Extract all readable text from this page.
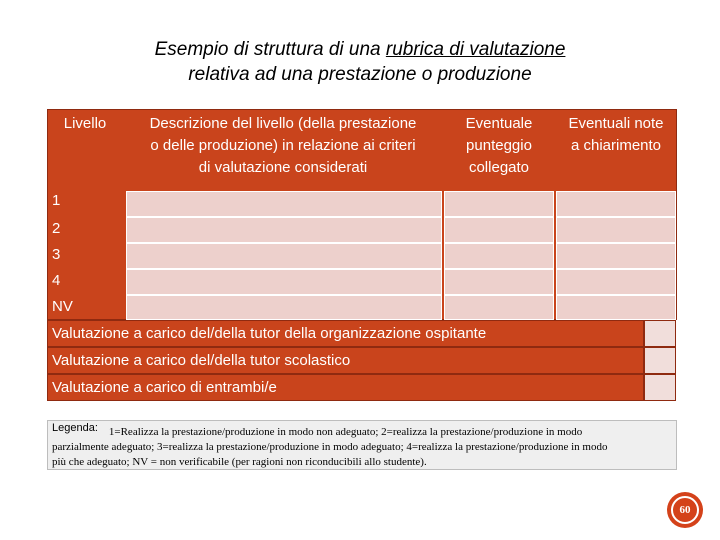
Esempio di struttura di una rubrica di valutazione
relativa ad una prestazione o produzione
Livello	Descrizione del livello (della prestazione
o delle produzione) in relazione ai criteri
di valutazione considerati
Eventuale
punteggio
collegato
Eventuali note
a chiarimento
1
2
3
4
NV
Valutazione a carico del/della tutor della organizzazione ospitante
Valutazione a carico del/della tutor scolastico
Valutazione a carico di entrambi/e
Legenda: 1=Realizza la prestazione/produzione in modo non adeguato; 2=realizza la prestazione/produzione in modo
parzialmente adeguato; 3=realizza la prestazione/produzione in modo adeguato; 4=realizza la prestazione/produzione in modo
più che adeguato; NV = non verificabile (per ragioni non riconducibili allo studente).
60
